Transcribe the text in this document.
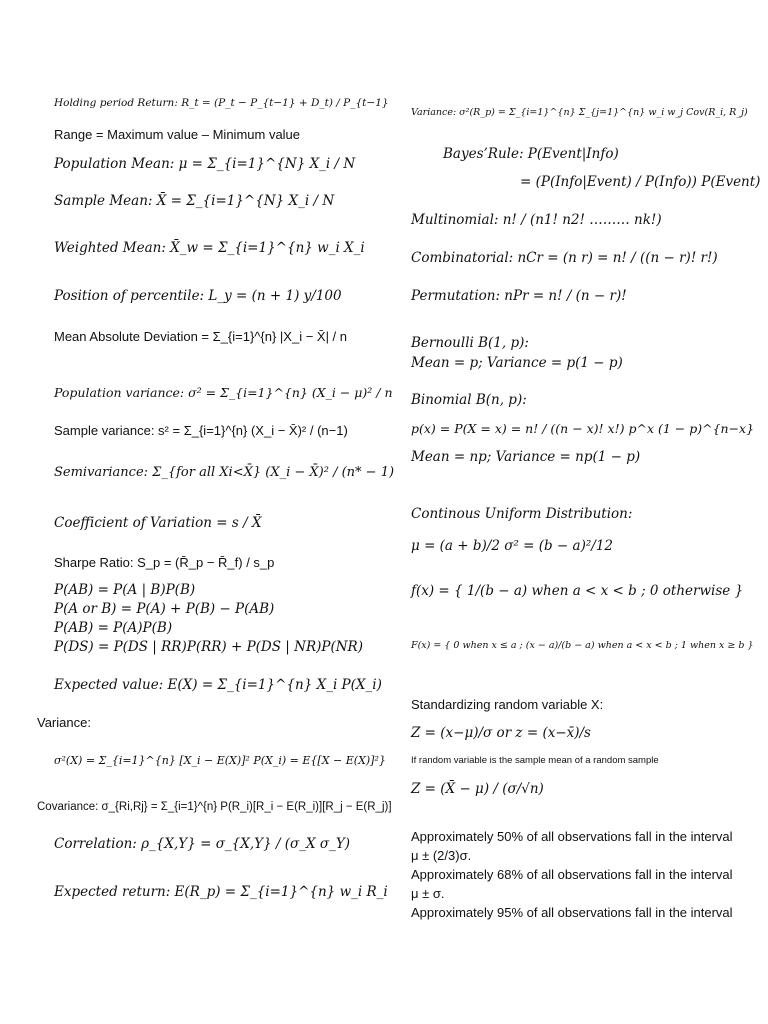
Holding period Return: R_t = (P_t − P_{t−1} + D_t) / P_{t−1}
Range = Maximum value – Minimum value
Population Mean: μ = Σ_{i=1}^{N} X_i / N
Sample Mean: X̄ = Σ_{i=1}^{N} X_i / N
Weighted Mean: X̄_w = Σ_{i=1}^{n} w_i X_i
Position of percentile: L_y = (n + 1) y/100
Mean Absolute Deviation = Σ_{i=1}^{n} |X_i − X̄| / n
Population variance: σ² = Σ_{i=1}^{n} (X_i − μ)² / n
Sample variance: s² = Σ_{i=1}^{n} (X_i − X̄)² / (n−1)
Semivariance: Σ_{for all Xi<X̄} (X_i − X̄)² / (n* − 1)
Coefficient of Variation = s / X̄
Sharpe Ratio: S_p = (R̄_p − R̄_f) / s_p
P(AB) = P(A | B)P(B)
P(A or B) = P(A) + P(B) − P(AB)
P(AB) = P(A)P(B)
P(DS) = P(DS | RR)P(RR) + P(DS | NR)P(NR)
Expected value: E(X) = Σ_{i=1}^{n} X_i P(X_i)
Variance:
σ²(X) = Σ_{i=1}^{n} [X_i − E(X)]² P(X_i) = E{[X − E(X)]²}
Covariance: σ_{Ri,Rj} = Σ_{i=1}^{n} P(R_i)[R_i − E(R_i)][R_j − E(R_j)]
Correlation: ρ_{X,Y} = σ_{X,Y} / (σ_X σ_Y)
Expected return: E(R_p) = Σ_{i=1}^{n} w_i R_i
Variance: σ²(R_p) = Σ_{i=1}^{n} Σ_{j=1}^{n} w_i w_j Cov(R_i, R_j)
Bayes’Rule: P(Event|Info)
= (P(Info|Event) / P(Info)) P(Event)
Multinomial: n! / (n1! n2! ……… nk!)
Combinatorial: nCr = (n r) = n! / ((n − r)! r!)
Permutation: nPr = n! / (n − r)!
Bernoulli B(1, p):
Mean = p; Variance = p(1 − p)
Binomial B(n, p):
p(x) = P(X = x) = n! / ((n − x)! x!) p^x (1 − p)^{n−x}
Mean = np; Variance = np(1 − p)
Continous Uniform Distribution:
μ = (a + b)/2 σ² = (b − a)²/12
f(x) = { 1/(b − a) when a < x < b ; 0 otherwise }
F(x) = { 0 when x ≤ a ; (x − a)/(b − a) when a < x < b ; 1 when x ≥ b }
Standardizing random variable X:
Z = (x−μ)/σ or z = (x−x̄)/s
If random variable is the sample mean of a random sample
Z = (X̄ − μ) / (σ/√n)
Approximately 50% of all observations fall in the interval
μ ± (2/3)σ.
Approximately 68% of all observations fall in the interval
μ ± σ.
Approximately 95% of all observations fall in the interval
